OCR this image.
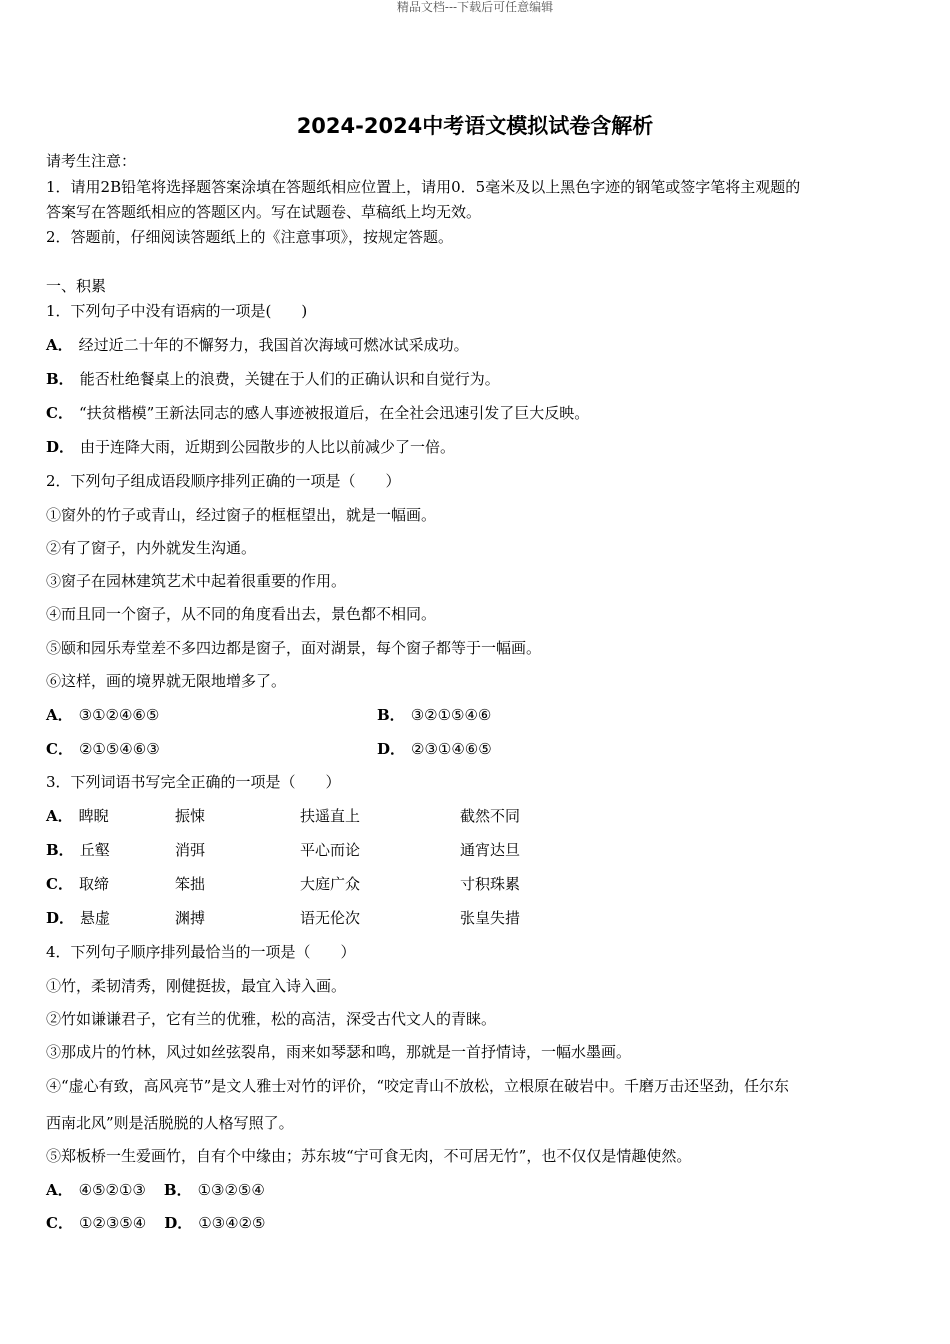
精品文档---下载后可任意编辑
2024-2024中考语文模拟试卷含解析
请考生注意：
1．请用2B铅笔将选择题答案涂填在答题纸相应位置上，请用0．5毫米及以上黑色字迹的钢笔或签字笔将主观题的
答案写在答题纸相应的答题区内。写在试题卷、草稿纸上均无效。
2．答题前，仔细阅读答题纸上的《注意事项》，按规定答题。
一、积累
1．下列句子中没有语病的一项是(　　)
A． 经过近二十年的不懈努力，我国首次海域可燃冰试采成功。
B． 能否杜绝餐桌上的浪费，关键在于人们的正确认识和自觉行为。
C． “扶贫楷模”王新法同志的感人事迹被报道后，在全社会迅速引发了巨大反映。
D． 由于连降大雨，近期到公园散步的人比以前减少了一倍。
2．下列句子组成语段顺序排列正确的一项是（　　）
①窗外的竹子或青山，经过窗子的框框望出，就是一幅画。
②有了窗子，内外就发生沟通。
③窗子在园林建筑艺术中起着很重要的作用。
④而且同一个窗子，从不同的角度看出去，景色都不相同。
⑤颐和园乐寿堂差不多四边都是窗子，面对湖景，每个窗子都等于一幅画。
⑥这样，画的境界就无限地增多了。
A． ③①②④⑥⑤	B． ③②①⑤④⑥
C． ②①⑤④⑥③	D． ②③①④⑥⑤
3．下列词语书写完全正确的一项是（　　）
A． 睥睨	振悚	扶遥直上	截然不同
B． 丘壑	消弭	平心而论	通宵达旦
C． 取缔	笨拙	大庭广众	寸积珠累
D． 悬虚	渊搏	语无伦次	张皇失措
4．下列句子顺序排列最恰当的一项是（　　）
①竹，柔韧清秀，刚健挺拔，最宜入诗入画。
②竹如谦谦君子，它有兰的优雅，松的高洁，深受古代文人的青睐。
③那成片的竹林，风过如丝弦裂帛，雨来如琴瑟和鸣，那就是一首抒情诗，一幅水墨画。
④“虚心有致，高风亮节”是文人雅士对竹的评价，“咬定青山不放松，立根原在破岩中。千磨万击还坚劲，任尔东
西南北风”则是活脱脱的人格写照了。
⑤郑板桥一生爱画竹，自有个中缘由；苏东坡“宁可食无肉，不可居无竹”，也不仅仅是情趣使然。
A． ④⑤②①③ B． ①③②⑤④
C． ①②③⑤④ D． ①③④②⑤
